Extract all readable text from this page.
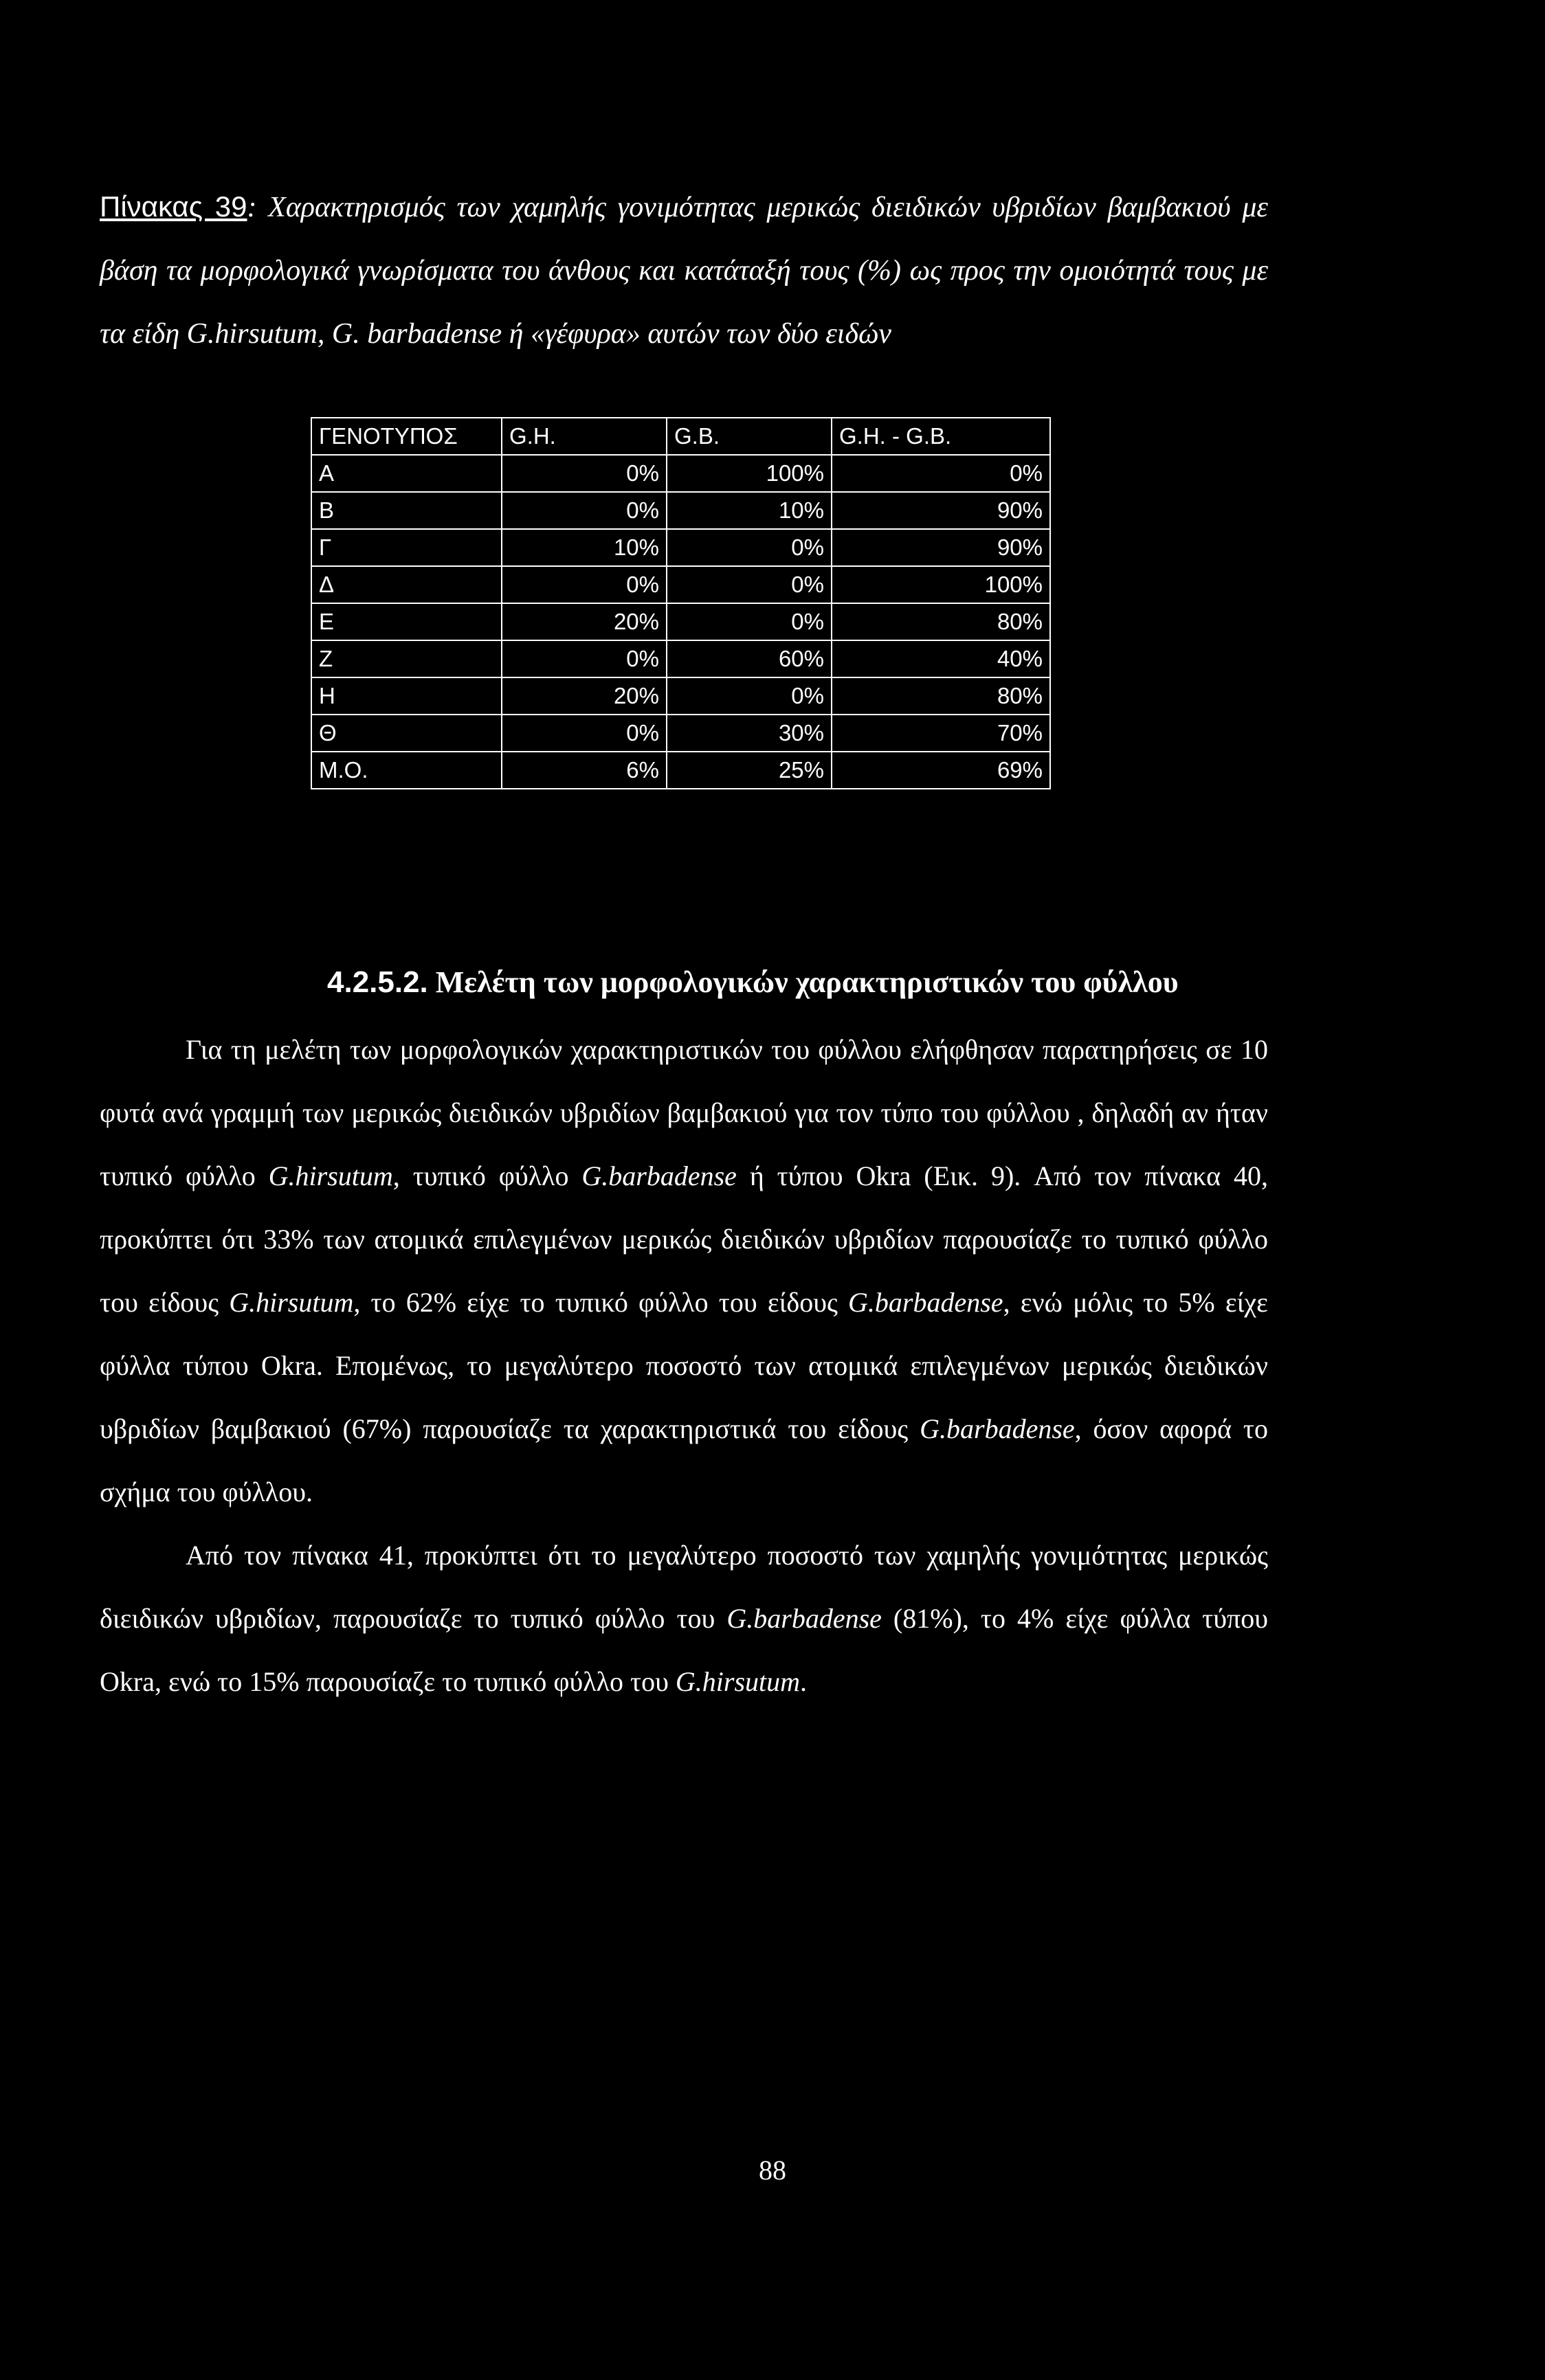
Πίνακας 39: Χαρακτηρισμός των χαμηλής γονιμότητας μερικώς διειδικών υβριδίων βαμβακιού με βάση τα μορφολογικά γνωρίσματα του άνθους και κατάταξή τους (%) ως προς την ομοιότητά τους με τα είδη G.hirsutum, G. barbadense ή «γέφυρα» αυτών των δύο ειδών
ΓΕΝΟΤΥΠΟΣ	G.H.	G.B.	G.H. - G.B.
Α	0%	100%	0%
Β	0%	10%	90%
Γ	10%	0%	90%
Δ	0%	0%	100%
Ε	20%	0%	80%
Ζ	0%	60%	40%
Η	20%	0%	80%
Θ	0%	30%	70%
Μ.Ο.	6%	25%	69%
4.2.5.2. Μελέτη των μορφολογικών χαρακτηριστικών του φύλλου

Για τη μελέτη των μορφολογικών χαρακτηριστικών του φύλλου ελήφθησαν παρατηρήσεις σε 10 φυτά ανά γραμμή των μερικώς διειδικών υβριδίων βαμβακιού για τον τύπο του φύλλου , δηλαδή αν ήταν τυπικό φύλλο G.hirsutum, τυπικό φύλλο G.barbadense ή τύπου Okra (Εικ. 9). Από τον πίνακα 40, προκύπτει ότι 33% των ατομικά επιλεγμένων μερικώς διειδικών υβριδίων παρουσίαζε το τυπικό φύλλο του είδους G.hirsutum, το 62% είχε το τυπικό φύλλο του είδους G.barbadense, ενώ μόλις το 5% είχε φύλλα τύπου Okra. Επομένως, το μεγαλύτερο ποσοστό των ατομικά επιλεγμένων μερικώς διειδικών υβριδίων βαμβακιού (67%) παρουσίαζε τα χαρακτηριστικά του είδους G.barbadense, όσον αφορά το σχήμα του φύλλου.

Από τον πίνακα 41, προκύπτει ότι το μεγαλύτερο ποσοστό των χαμηλής γονιμότητας μερικώς διειδικών υβριδίων, παρουσίαζε το τυπικό φύλλο του G.barbadense (81%), το 4% είχε φύλλα τύπου Okra, ενώ το 15% παρουσίαζε το τυπικό φύλλο του G.hirsutum.

88
